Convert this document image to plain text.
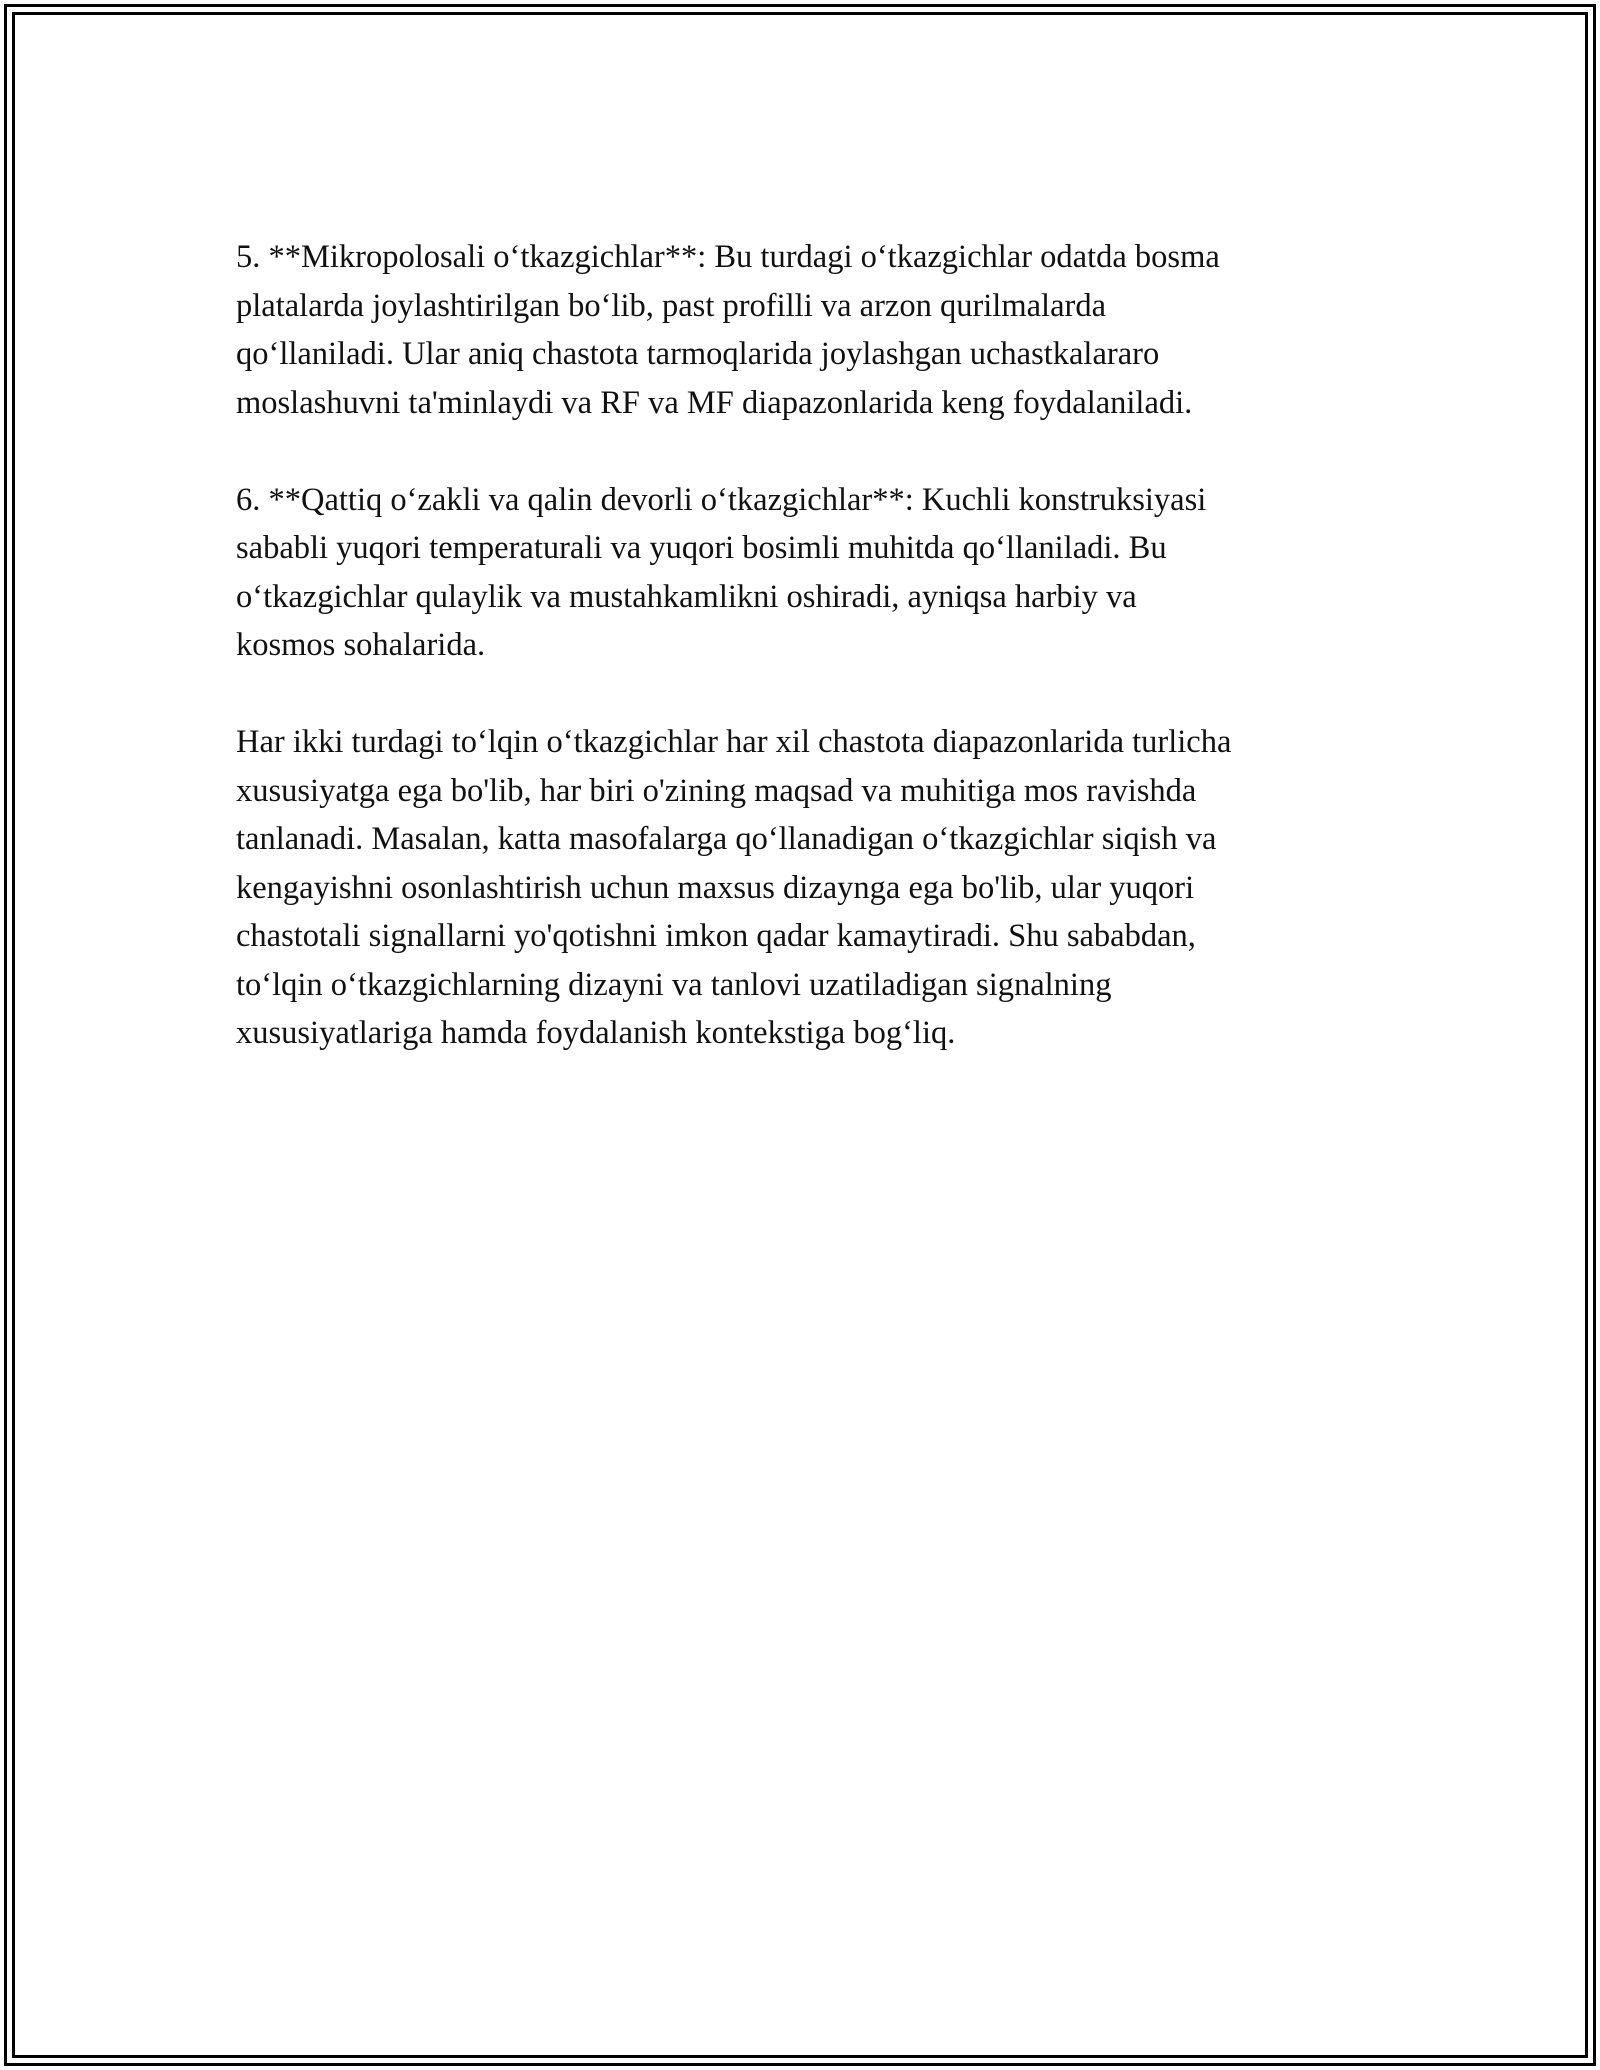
5. **Mikropolosali o‘tkazgichlar**: Bu turdagi o‘tkazgichlar odatda bosma
platalarda joylashtirilgan bo‘lib, past profilli va arzon qurilmalarda
qo‘llaniladi. Ular aniq chastota tarmoqlarida joylashgan uchastkalararo
moslashuvni ta'minlaydi va RF va MF diapazonlarida keng foydalaniladi.

6. **Qattiq o‘zakli va qalin devorli o‘tkazgichlar**: Kuchli konstruksiyasi
sababli yuqori temperaturali va yuqori bosimli muhitda qo‘llaniladi. Bu
o‘tkazgichlar qulaylik va mustahkamlikni oshiradi, ayniqsa harbiy va
kosmos sohalarida.

Har ikki turdagi to‘lqin o‘tkazgichlar har xil chastota diapazonlarida turlicha
xususiyatga ega bo'lib, har biri o'zining maqsad va muhitiga mos ravishda
tanlanadi. Masalan, katta masofalarga qo‘llanadigan o‘tkazgichlar siqish va
kengayishni osonlashtirish uchun maxsus dizaynga ega bo'lib, ular yuqori
chastotali signallarni yo'qotishni imkon qadar kamaytiradi. Shu sababdan,
to‘lqin o‘tkazgichlarning dizayni va tanlovi uzatiladigan signalning
xususiyatlariga hamda foydalanish kontekstiga bog‘liq.
